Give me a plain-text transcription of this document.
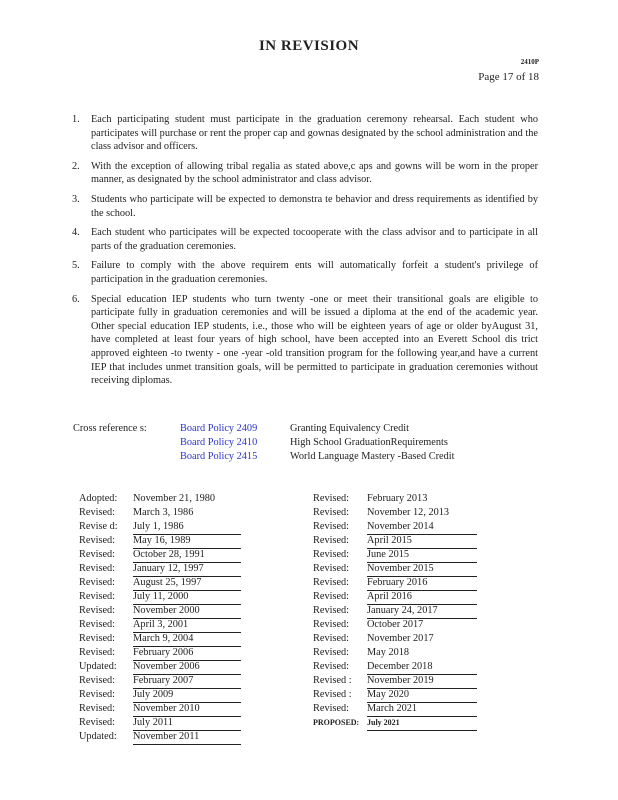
IN REVISION
2410P
Page 17 of 18
1. Each participating student must participate in the graduation ceremony rehearsal. Each student who participates will purchase or rent the proper cap and gownas designated by the school administration and the class advisor and officers.
2. With the exception of allowing tribal regalia as stated above,c aps and gowns will be worn in the proper manner, as designated by the school administrator and class advisor.
3. Students who participate will be expected to demonstra te behavior and dress requirements as identified by the school.
4. Each student who participates will be expected tocooperate with the class advisor and to participate in all parts of the graduation ceremonies.
5. Failure to comply with the above requirem ents will automatically forfeit a student's privilege of participation in the graduation ceremonies.
6. Special education IEP students who turn twenty -one or meet their transitional goals are eligible to participate fully in graduation ceremonies and will be issued a diploma at the end of the academic year. Other special education IEP students, i.e., those who will be eighteen years of age or older byAugust 31, have completed at least four years of high school, have been accepted into an Everett School dis trict approved eighteen -to twenty - one -year -old transition program for the following year,and have a current IEP that includes unmet transition goals, will be permitted to participate in graduation ceremonies without receiving diplomas.
Cross reference s:	Board Policy 2409	Granting Equivalency Credit
Board Policy 2410	High School GraduationRequirements
Board Policy 2415	World Language Mastery -Based Credit
Adopted: November 21, 1980
Revised: March 3, 1986
Revise d: July 1, 1986
Revised: May 16, 1989
Revised: October 28, 1991
Revised: January 12, 1997
Revised: August 25, 1997
Revised: July 11, 2000
Revised: November 2000
Revised: April 3, 2001
Revised: March 9, 2004
Revised: February 2006
Updated: November 2006
Revised: February 2007
Revised: July 2009
Revised: November 2010
Revised: July 2011
Updated: November 2011
Revised: February 2013
Revised: November 12, 2013
Revised: November 2014
Revised: April 2015
Revised: June 2015
Revised: November 2015
Revised: February 2016
Revised: April 2016
Revised: January 24, 2017
Revised: October 2017
Revised: November 2017
Revised: May 2018
Revised: December 2018
Revised : November 2019
Revised : May 2020
Revised: March 2021
PROPOSED: July 2021
